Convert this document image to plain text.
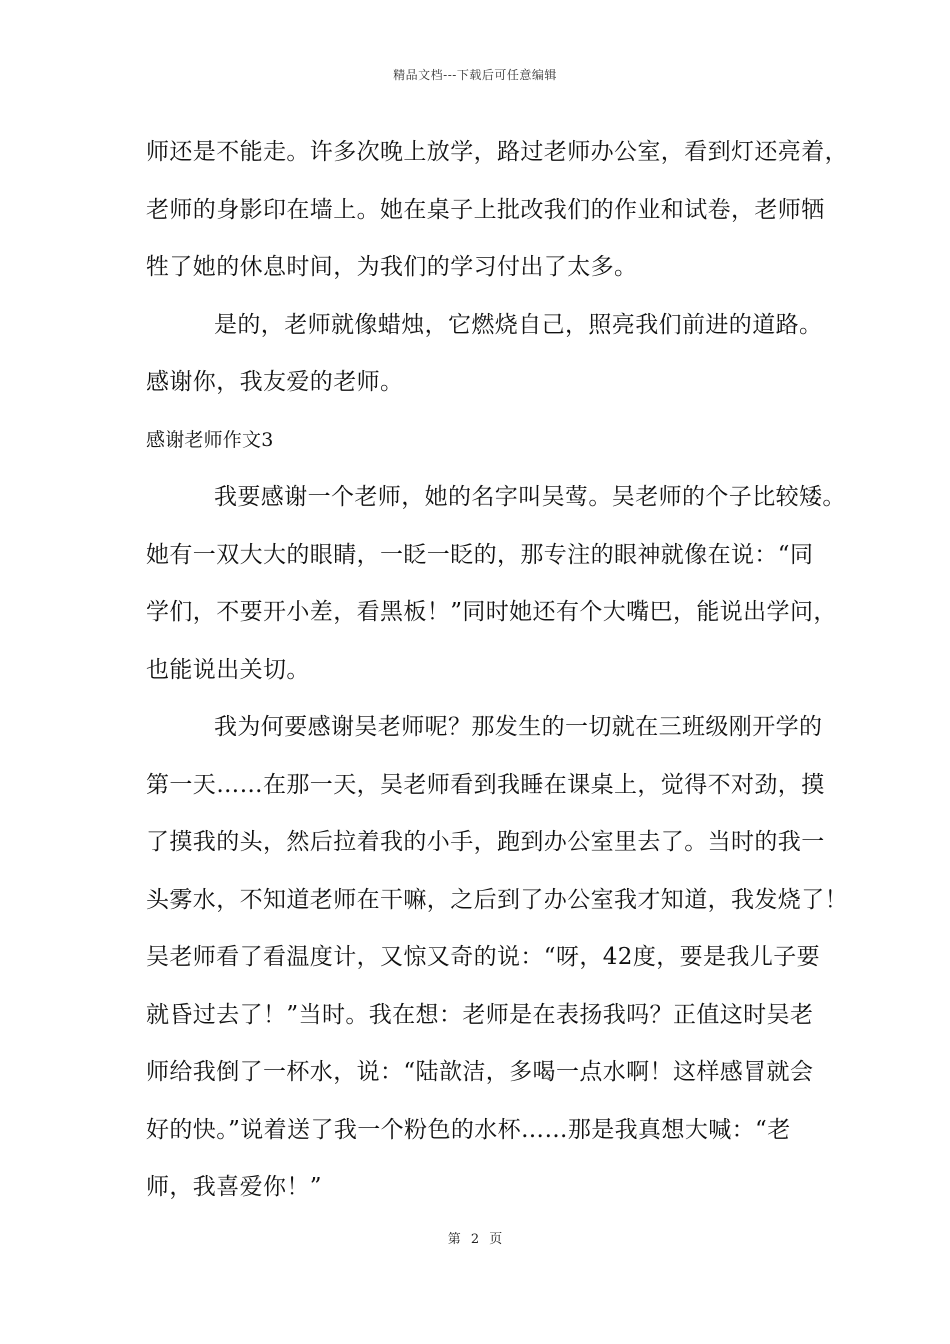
精品文档---下载后可任意编辑
师还是不能走。许多次晚上放学，路过老师办公室，看到灯还亮着，
老师的身影印在墙上。她在桌子上批改我们的作业和试卷，老师牺
牲了她的休息时间，为我们的学习付出了太多。
是的，老师就像蜡烛，它燃烧自己，照亮我们前进的道路。
感谢你，我友爱的老师。
感谢老师作文3
我要感谢一个老师，她的名字叫吴莺。吴老师的个子比较矮。
她有一双大大的眼睛，一眨一眨的，那专注的眼神就像在说：“同
学们，不要开小差，看黑板！”同时她还有个大嘴巴，能说出学问，
也能说出关切。
我为何要感谢吴老师呢？那发生的一切就在三班级刚开学的
第一天……在那一天，吴老师看到我睡在课桌上，觉得不对劲，摸
了摸我的头，然后拉着我的小手，跑到办公室里去了。当时的我一
头雾水，不知道老师在干嘛，之后到了办公室我才知道，我发烧了！
吴老师看了看温度计，又惊又奇的说：“呀，42度，要是我儿子要
就昏过去了！”当时。我在想：老师是在表扬我吗？正值这时吴老
师给我倒了一杯水，说：“陆歆洁，多喝一点水啊！这样感冒就会
好的快。”说着送了我一个粉色的水杯……那是我真想大喊：“老
师，我喜爱你！”
第 2 页
